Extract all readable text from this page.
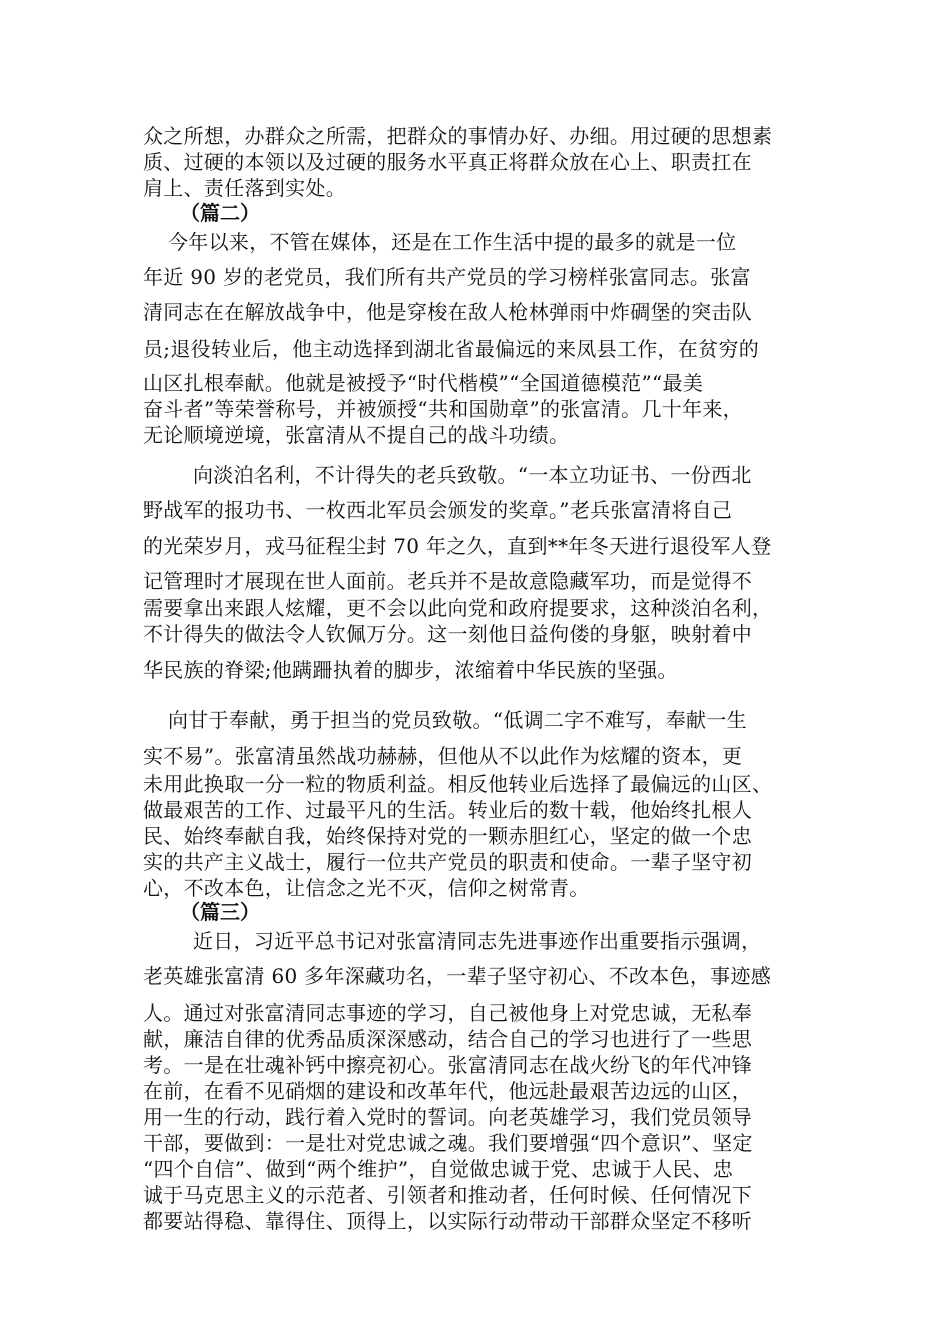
众之所想，办群众之所需，把群众的事情办好、办细。用过硬的思想素
质、过硬的本领以及过硬的服务水平真正将群众放在心上、职责扛在
肩上、责任落到实处。
（篇二）
今年以来，不管在媒体，还是在工作生活中提的最多的就是一位
年近 90 岁的老党员，我们所有共产党员的学习榜样张富同志。张富
清同志在在解放战争中，他是穿梭在敌人枪林弹雨中炸碉堡的突击队
员;退役转业后，他主动选择到湖北省最偏远的来凤县工作，在贫穷的
山区扎根奉献。他就是被授予“时代楷模”“全国道德模范”“最美
奋斗者”等荣誉称号，并被颁授“共和国勋章”的张富清。几十年来，
无论顺境逆境，张富清从不提自己的战斗功绩。
向淡泊名利，不计得失的老兵致敬。“一本立功证书、一份西北
野战军的报功书、一枚西北军员会颁发的奖章。”老兵张富清将自己
的光荣岁月，戎马征程尘封 70 年之久，直到**年冬天进行退役军人登
记管理时才展现在世人面前。老兵并不是故意隐藏军功，而是觉得不
需要拿出来跟人炫耀，更不会以此向党和政府提要求，这种淡泊名利，
不计得失的做法令人钦佩万分。这一刻他日益佝偻的身躯，映射着中
华民族的脊梁;他蹒跚执着的脚步，浓缩着中华民族的坚强。
向甘于奉献，勇于担当的党员致敬。“低调二字不难写，奉献一生
实不易”。张富清虽然战功赫赫，但他从不以此作为炫耀的资本，更
未用此换取一分一粒的物质利益。相反他转业后选择了最偏远的山区、
做最艰苦的工作、过最平凡的生活。转业后的数十载，他始终扎根人
民、始终奉献自我，始终保持对党的一颗赤胆红心，坚定的做一个忠
实的共产主义战士，履行一位共产党员的职责和使命。一辈子坚守初
心，不改本色，让信念之光不灭，信仰之树常青。
（篇三）
近日，习近平总书记对张富清同志先进事迹作出重要指示强调，
老英雄张富清 60 多年深藏功名，一辈子坚守初心、不改本色，事迹感
人。通过对张富清同志事迹的学习，自己被他身上对党忠诚，无私奉
献，廉洁自律的优秀品质深深感动，结合自己的学习也进行了一些思
考。一是在壮魂补钙中擦亮初心。张富清同志在战火纷飞的年代冲锋
在前，在看不见硝烟的建设和改革年代，他远赴最艰苦边远的山区，
用一生的行动，践行着入党时的誓词。向老英雄学习，我们党员领导
干部，要做到：一是壮对党忠诚之魂。我们要增强“四个意识”、坚定
“四个自信”、做到“两个维护”，自觉做忠诚于党、忠诚于人民、忠
诚于马克思主义的示范者、引领者和推动者，任何时候、任何情况下
都要站得稳、靠得住、顶得上，以实际行动带动干部群众坚定不移听
